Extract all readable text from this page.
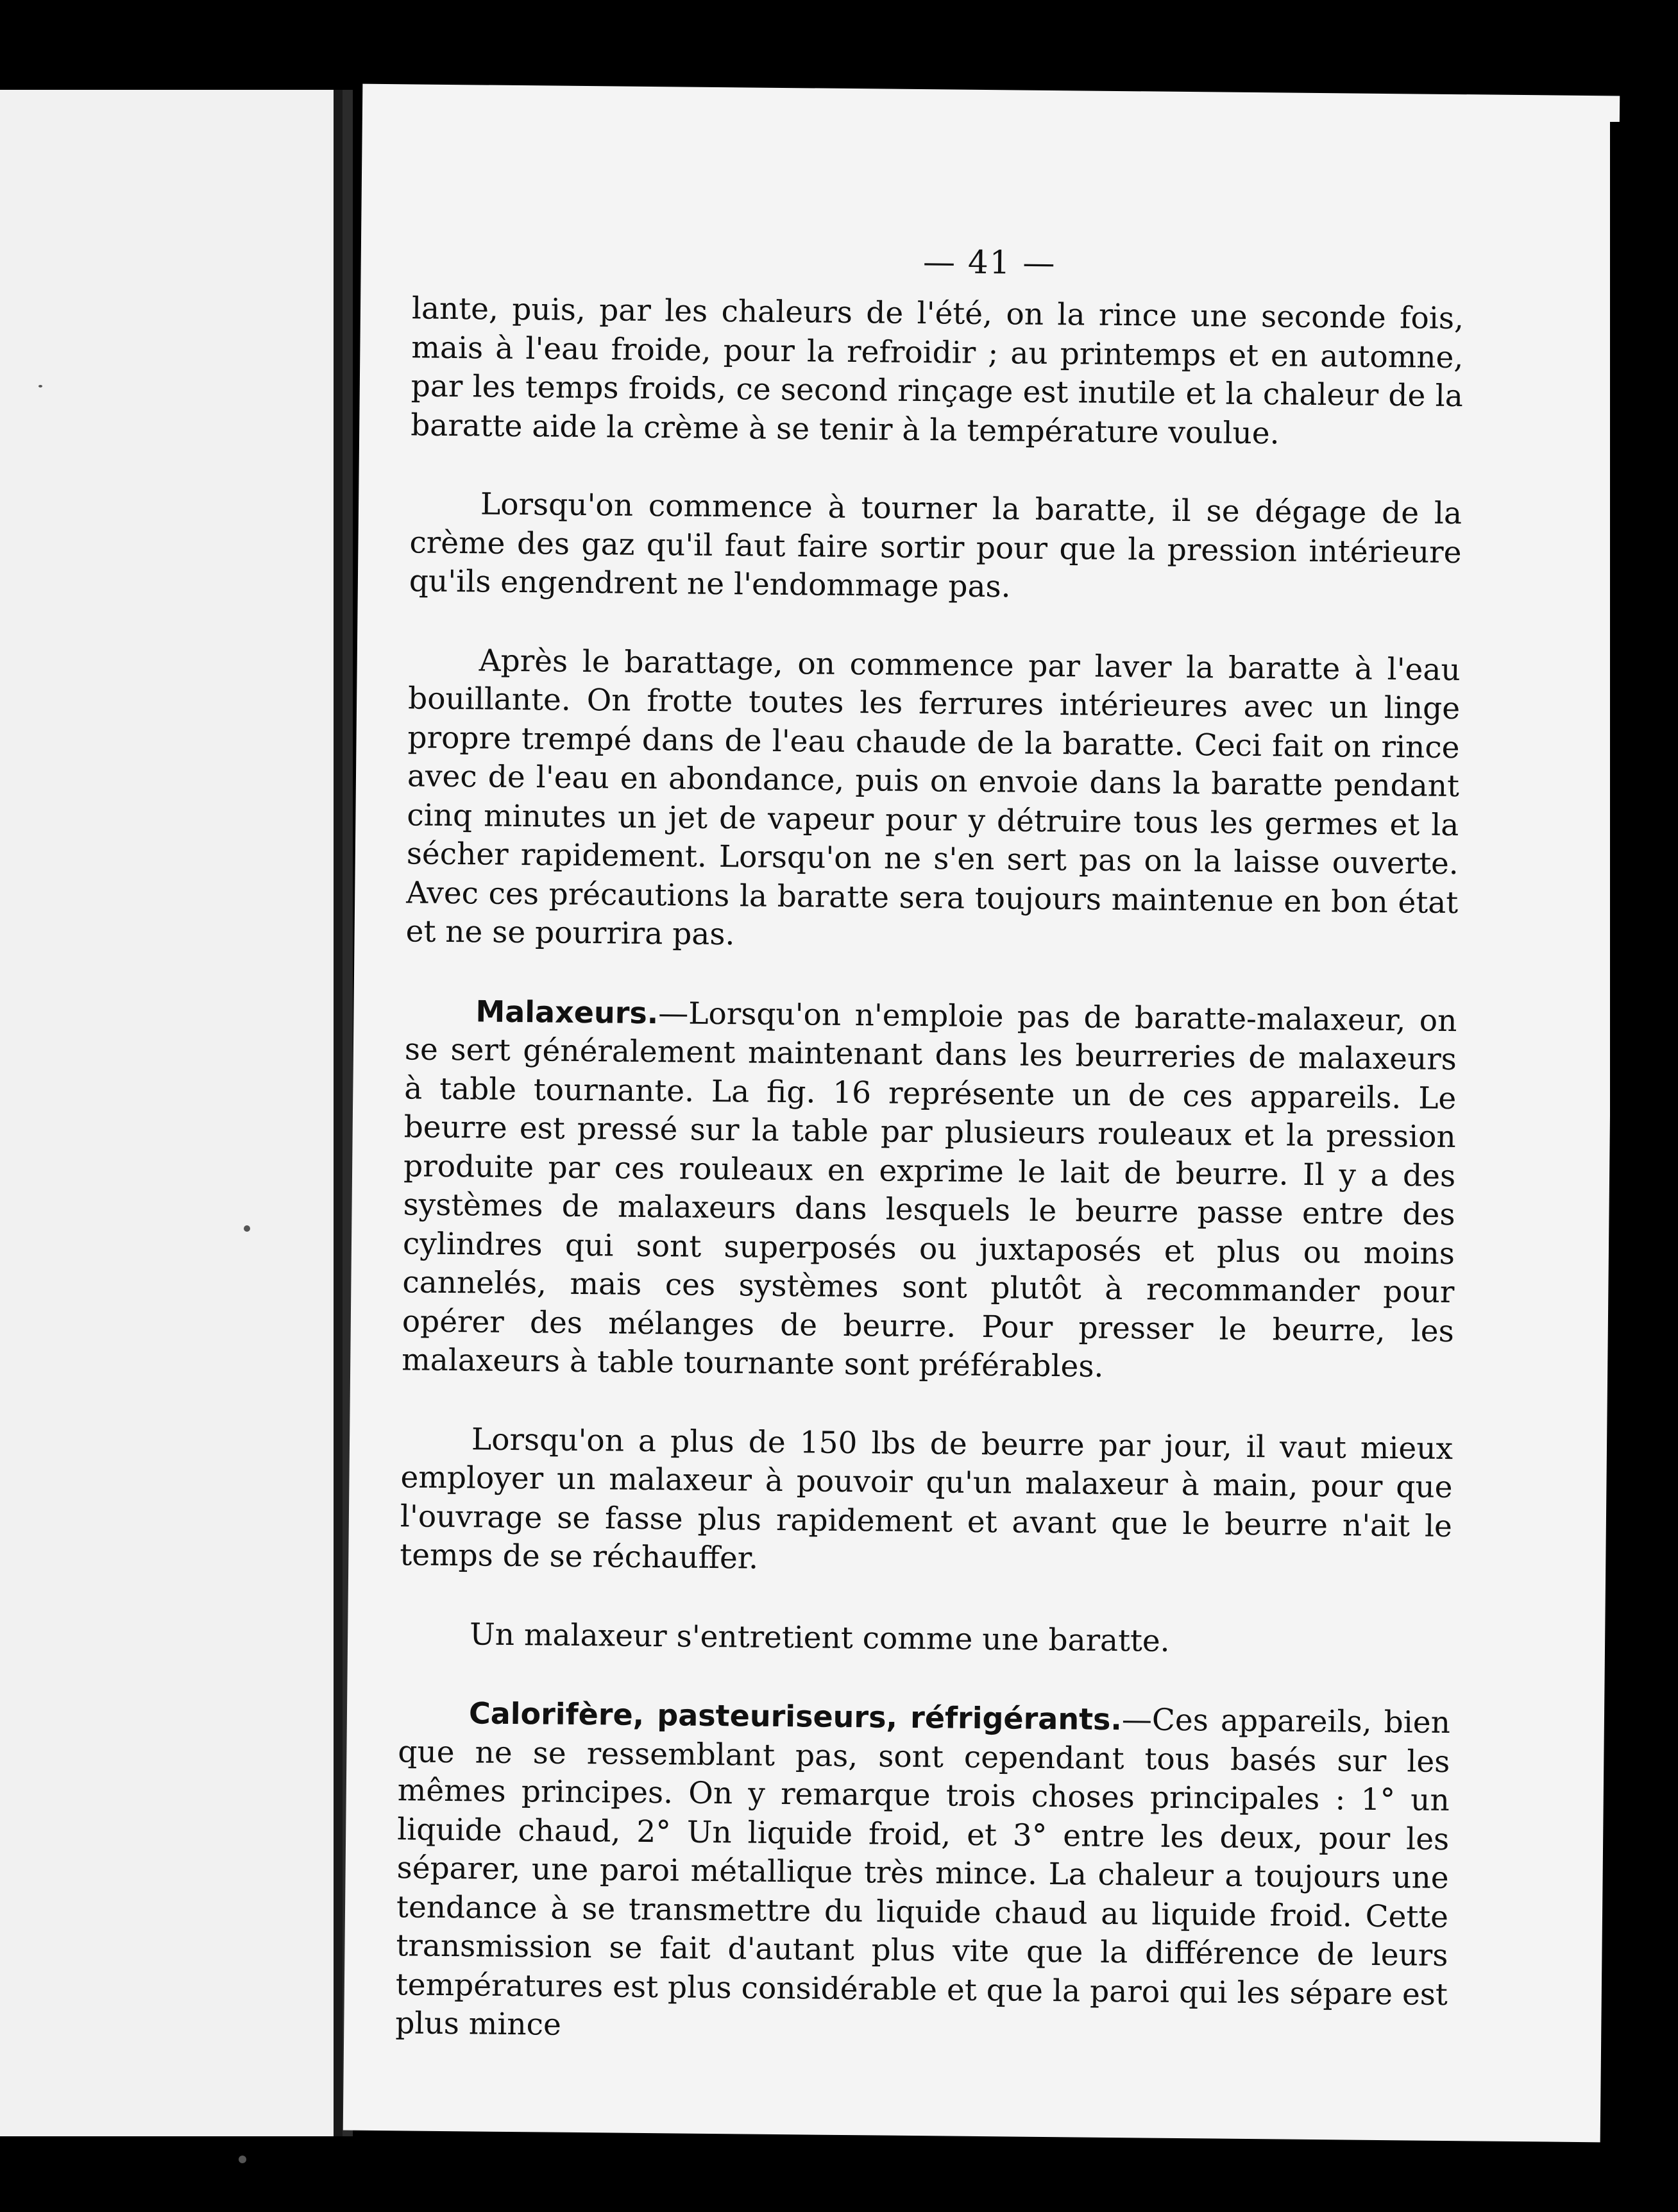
— 41 —

lante, puis, par les chaleurs de l'été, on la rince une seconde fois, mais à l'eau froide, pour la refroidir ; au printemps et en automne, par les temps froids, ce second rinçage est inutile et la chaleur de la baratte aide la crème à se tenir à la température voulue.

Lorsqu'on commence à tourner la baratte, il se dégage de la crème des gaz qu'il faut faire sortir pour que la pression intérieure qu'ils engendrent ne l'endommage pas.

Après le barattage, on commence par laver la baratte à l'eau bouillante. On frotte toutes les ferrures intérieures avec un linge propre trempé dans de l'eau chaude de la baratte. Ceci fait on rince avec de l'eau en abondance, puis on envoie dans la baratte pendant cinq minutes un jet de vapeur pour y détruire tous les germes et la sécher rapidement. Lorsqu'on ne s'en sert pas on la laisse ouverte. Avec ces précautions la baratte sera toujours maintenue en bon état et ne se pourrira pas.

Malaxeurs.—Lorsqu'on n'emploie pas de baratte-malaxeur, on se sert généralement maintenant dans les beurreries de malaxeurs à table tournante. La fig. 16 représente un de ces appareils. Le beurre est pressé sur la table par plusieurs rouleaux et la pression produite par ces rouleaux en exprime le lait de beurre. Il y a des systèmes de malaxeurs dans lesquels le beurre passe entre des cylindres qui sont superposés ou juxtaposés et plus ou moins cannelés, mais ces systèmes sont plutôt à recommander pour opérer des mélanges de beurre. Pour presser le beurre, les malaxeurs à table tournante sont préférables.

Lorsqu'on a plus de 150 lbs de beurre par jour, il vaut mieux employer un malaxeur à pouvoir qu'un malaxeur à main, pour que l'ouvrage se fasse plus rapidement et avant que le beurre n'ait le temps de se réchauffer.

Un malaxeur s'entretient comme une baratte.

Calorifère, pasteuriseurs, réfrigérants.—Ces appareils, bien que ne se ressemblant pas, sont cependant tous basés sur les mêmes principes. On y remarque trois choses principales : 1° un liquide chaud, 2° Un liquide froid, et 3° entre les deux, pour les séparer, une paroi métallique très mince. La chaleur a toujours une tendance à se transmettre du liquide chaud au liquide froid. Cette transmission se fait d'autant plus vite que la différence de leurs températures est plus considérable et que la paroi qui les sépare est plus mince
